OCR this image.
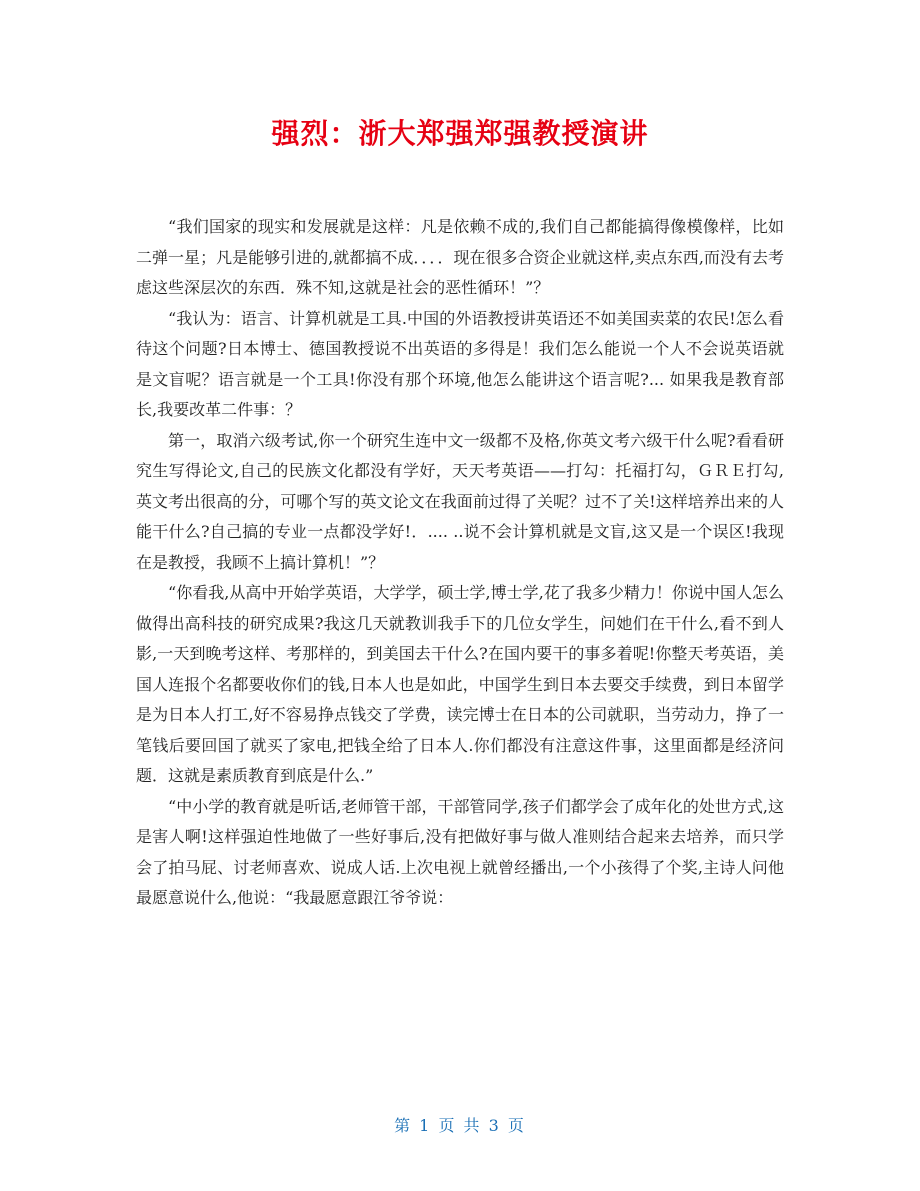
强烈：浙大郑强郑强教授演讲

“我们国家的现实和发展就是这样：凡是依赖不成的,我们自己都能搞得像模像样，比如二弹一星；凡是能够引进的,就都搞不成．．．．现在很多合资企业就这样,卖点东西,而没有去考虑这些深层次的东西．殊不知,这就是社会的恶性循环！”？

“我认为：语言、计算机就是工具.中国的外语教授讲英语还不如美国卖菜的农民!怎么看待这个问题?日本博士、德国教授说不出英语的多得是！我们怎么能说一个人不会说英语就是文盲呢？语言就是一个工具!你没有那个环境,他怎么能讲这个语言呢?... 如果我是教育部长,我要改革二件事：？

第一，取消六级考试,你一个研究生连中文一级都不及格,你英文考六级干什么呢?看看研究生写得论文,自己的民族文化都没有学好，天天考英语——打勾：托福打勾，ＧＲＥ打勾,英文考出很高的分，可哪个写的英文论文在我面前过得了关呢？过不了关!这样培养出来的人能干什么?自己搞的专业一点都没学好!．.... ..说不会计算机就是文盲,这又是一个误区!我现在是教授，我顾不上搞计算机！”？

“你看我,从高中开始学英语，大学学，硕士学,博士学,花了我多少精力！你说中国人怎么做得出高科技的研究成果?我这几天就教训我手下的几位女学生，问她们在干什么,看不到人影,一天到晚考这样、考那样的，到美国去干什么?在国内要干的事多着呢!你整天考英语，美国人连报个名都要收你们的钱,日本人也是如此，中国学生到日本去要交手续费，到日本留学是为日本人打工,好不容易挣点钱交了学费，读完博士在日本的公司就职，当劳动力，挣了一笔钱后要回国了就买了家电,把钱全给了日本人.你们都没有注意这件事，这里面都是经济问题．这就是素质教育到底是什么.”

“中小学的教育就是听话,老师管干部，干部管同学,孩子们都学会了成年化的处世方式,这是害人啊!这样强迫性地做了一些好事后,没有把做好事与做人准则结合起来去培养，而只学会了拍马屁、讨老师喜欢、说成人话.上次电视上就曾经播出,一个小孩得了个奖,主诗人问他最愿意说什么,他说：“我最愿意跟江爷爷说：

第 1 页 共 3 页
